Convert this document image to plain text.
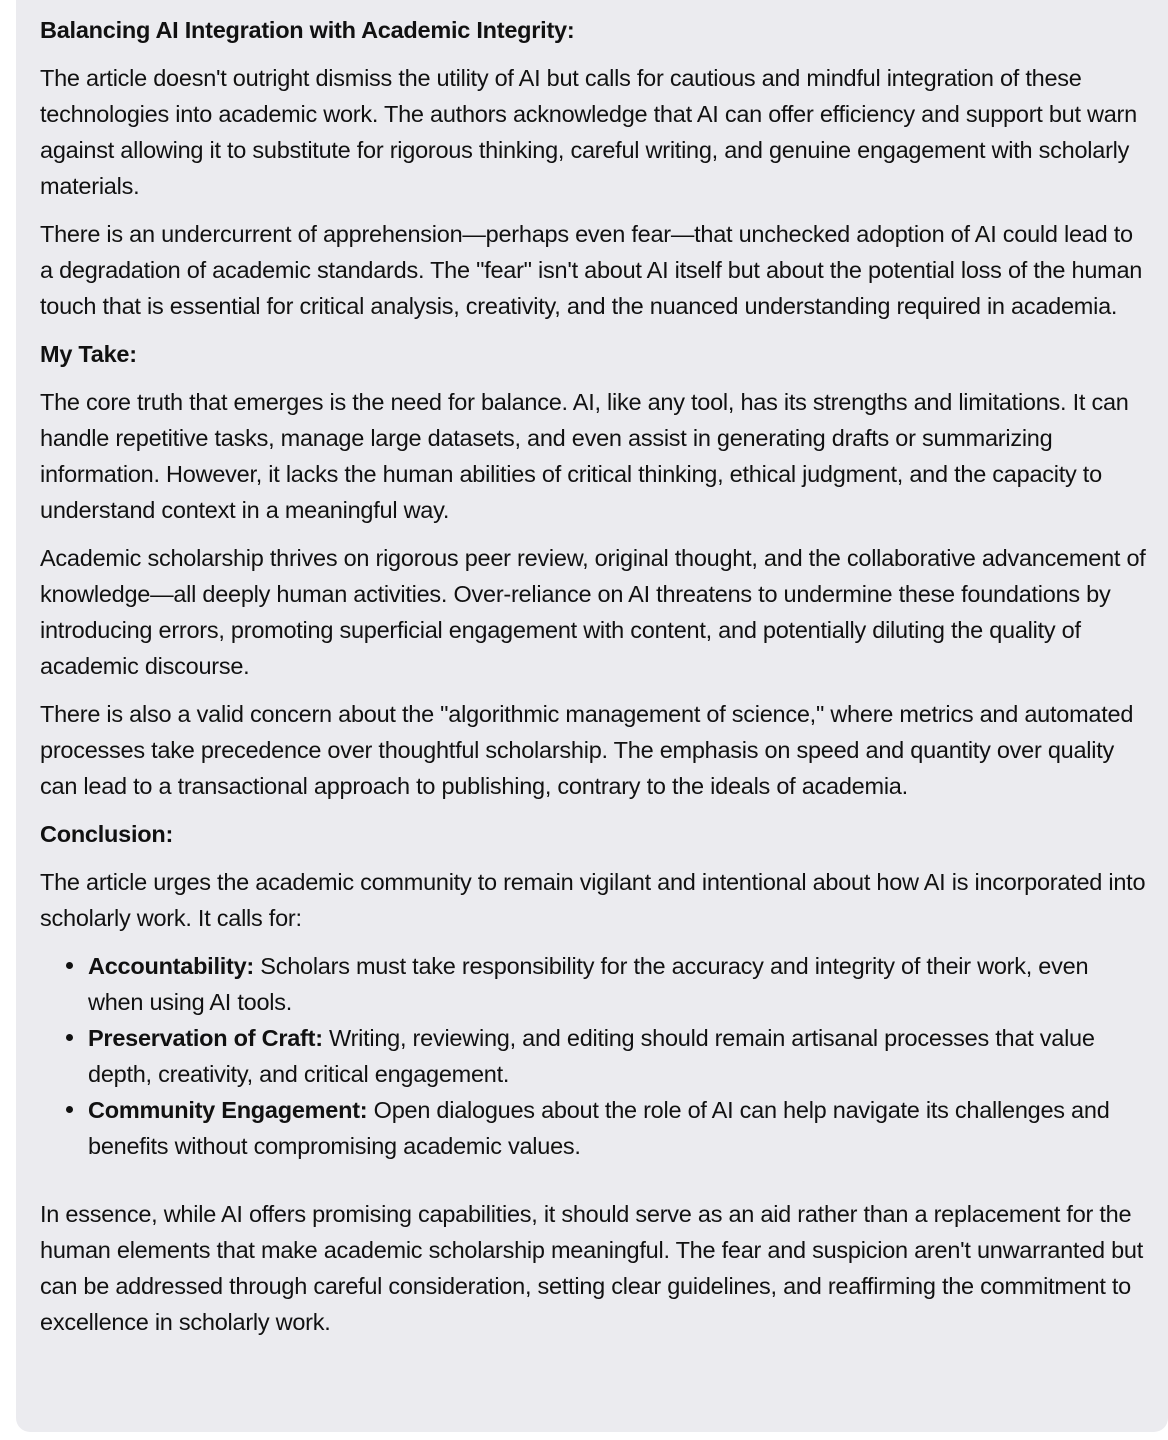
Balancing AI Integration with Academic Integrity:

The article doesn't outright dismiss the utility of AI but calls for cautious and mindful integration of these technologies into academic work. The authors acknowledge that AI can offer efficiency and support but warn against allowing it to substitute for rigorous thinking, careful writing, and genuine engagement with scholarly materials.

There is an undercurrent of apprehension—perhaps even fear—that unchecked adoption of AI could lead to a degradation of academic standards. The "fear" isn't about AI itself but about the potential loss of the human touch that is essential for critical analysis, creativity, and the nuanced understanding required in academia.

My Take:

The core truth that emerges is the need for balance. AI, like any tool, has its strengths and limitations. It can handle repetitive tasks, manage large datasets, and even assist in generating drafts or summarizing information. However, it lacks the human abilities of critical thinking, ethical judgment, and the capacity to understand context in a meaningful way.

Academic scholarship thrives on rigorous peer review, original thought, and the collaborative advancement of knowledge—all deeply human activities. Over-reliance on AI threatens to undermine these foundations by introducing errors, promoting superficial engagement with content, and potentially diluting the quality of academic discourse.

There is also a valid concern about the "algorithmic management of science," where metrics and automated processes take precedence over thoughtful scholarship. The emphasis on speed and quantity over quality can lead to a transactional approach to publishing, contrary to the ideals of academia.

Conclusion:

The article urges the academic community to remain vigilant and intentional about how AI is incorporated into scholarly work. It calls for:

Accountability: Scholars must take responsibility for the accuracy and integrity of their work, even when using AI tools.
Preservation of Craft: Writing, reviewing, and editing should remain artisanal processes that value depth, creativity, and critical engagement.
Community Engagement: Open dialogues about the role of AI can help navigate its challenges and benefits without compromising academic values.

In essence, while AI offers promising capabilities, it should serve as an aid rather than a replacement for the human elements that make academic scholarship meaningful. The fear and suspicion aren't unwarranted but can be addressed through careful consideration, setting clear guidelines, and reaffirming the commitment to excellence in scholarly work.
